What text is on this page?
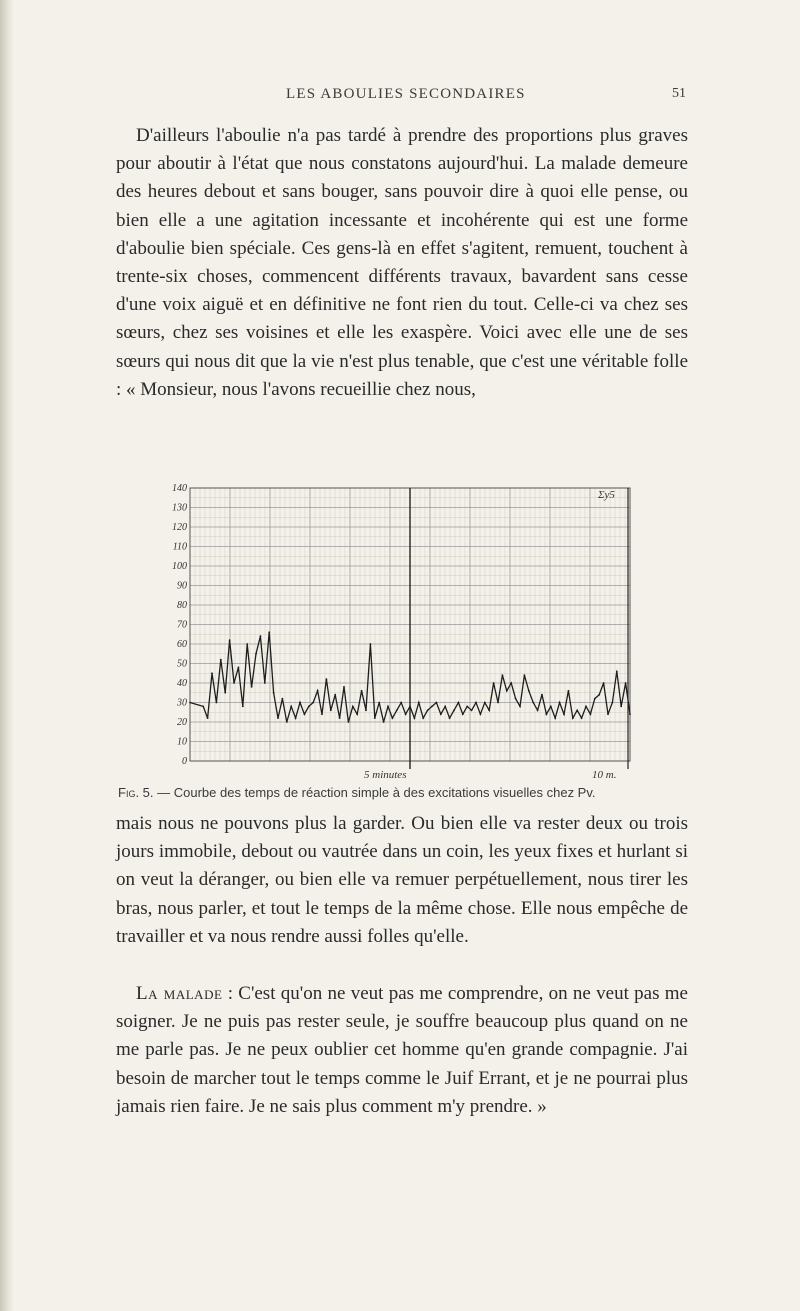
LES ABOULIES SECONDAIRES	51

D'ailleurs l'aboulie n'a pas tardé à prendre des proportions plus graves pour aboutir à l'état que nous constatons aujourd'hui. La malade demeure des heures debout et sans bouger, sans pouvoir dire à quoi elle pense, ou bien elle a une agitation incessante et incohérente qui est une forme d'aboulie bien spéciale. Ces gens-là en effet s'agitent, remuent, touchent à trente-six choses, commencent différents travaux, bavardent sans cesse d'une voix aiguë et en définitive ne font rien du tout. Celle-ci va chez ses sœurs, chez ses voisines et elle les exaspère. Voici avec elle une de ses sœurs qui nous dit que la vie n'est plus tenable, que c'est une véritable folle : « Monsieur, nous l'avons recueillie chez nous,

140
130
120
110
100
90
80
70
60
50
40
30
20
10
0
Σy5
5 minutes	10 m.
Fig. 5. — Courbe des temps de réaction simple à des excitations visuelles chez Pv.

mais nous ne pouvons plus la garder. Ou bien elle va rester deux ou trois jours immobile, debout ou vautrée dans un coin, les yeux fixes et hurlant si on veut la déranger, ou bien elle va remuer perpétuellement, nous tirer les bras, nous parler, et tout le temps de la même chose. Elle nous empêche de travailler et va nous rendre aussi folles qu'elle.

La malade : C'est qu'on ne veut pas me comprendre, on ne veut pas me soigner. Je ne puis pas rester seule, je souffre beaucoup plus quand on ne me parle pas. Je ne peux oublier cet homme qu'en grande compagnie. J'ai besoin de marcher tout le temps comme le Juif Errant, et je ne pourrai plus jamais rien faire. Je ne sais plus comment m'y prendre. »
